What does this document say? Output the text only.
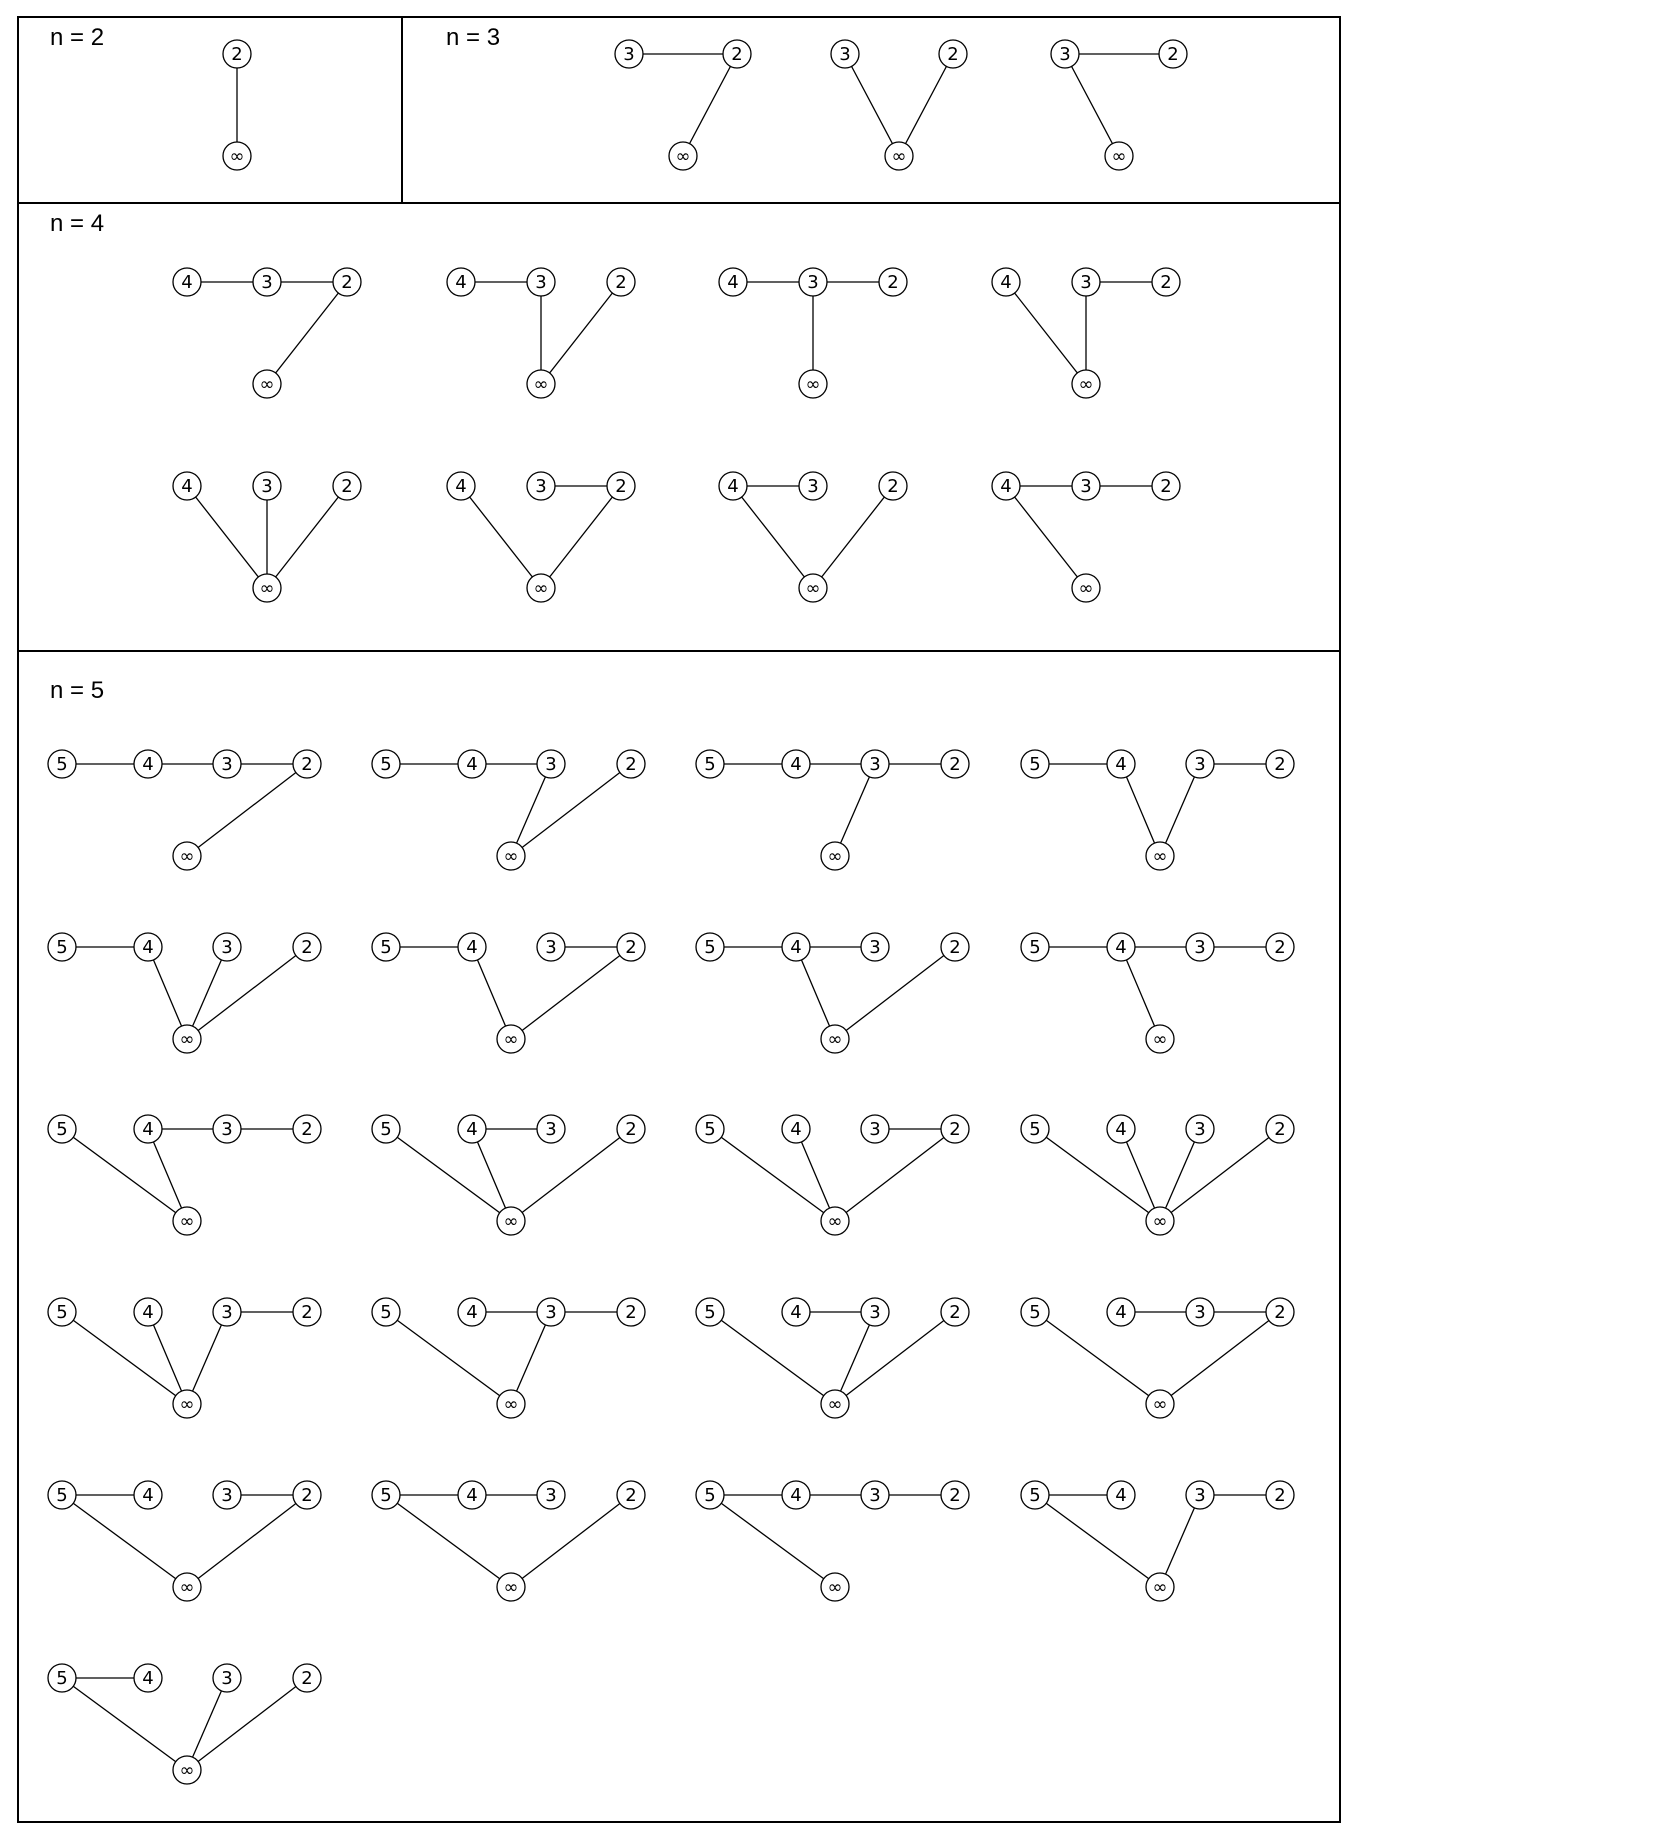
n = 2	n = 3
n = 4
n = 5
2
∞
2
3
∞
2
3
∞
2
3
∞
2
3
4
∞
2
3
4
∞
2
3
4
∞
2
3
4
∞
2
3
4
∞
2
3
4
∞
2
3
4
∞
2
3
4
∞
2
3
4
5
∞
2
3
4
5
∞
2
3
4
5
∞
2
3
4
5
∞
2
3
4
5
∞
2
3
4
5
∞
2
3
4
5
∞
2
3
4
5
∞
2
3
4
5
∞
2
3
4
5
∞
2
3
4
5
∞
2
3
4
5
∞
2
3
4
5
∞
2
3
4
5
∞
2
3
4
5
∞
2
3
4
5
∞
2
3
4
5
∞
2
3
4
5
∞
2
3
4
5
∞
2
3
4
5
∞
2
3
4
5
∞
